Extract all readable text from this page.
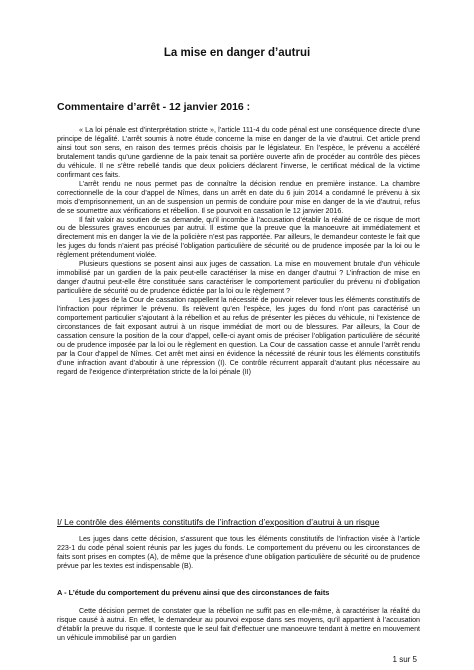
La mise en danger d’autrui
Commentaire d’arrêt - 12 janvier 2016 :

« La loi pénale est d’interprétation stricte », l’article 111-4 du code pénal est une conséquence directe d’une principe de légalité. L’arrêt soumis à notre étude concerne la mise en danger de la vie d’autrui. Cet article prend ainsi tout son sens, en raison des termes précis choisis par le législateur. En l’espèce, le prévenu a accéléré brutalement tandis qu’une gardienne de la paix tenait sa portière ouverte afin de procéder au contrôle des pièces du véhicule. Il ne s’être rebellé tandis que deux policiers déclarent l’inverse, le certificat médical de la victime confirmant ces faits.

L’arrêt rendu ne nous permet pas de connaître la décision rendue en première instance. La chambre correctionnelle de la cour d’appel de Nîmes, dans un arrêt en date du 6 juin 2014 a condamné le prévenu à six mois d’emprisonnement, un an de suspension un permis de conduire pour mise en danger de la vie d’autrui, refus de se soumettre aux vérifications et rébellion. Il se pourvoit en cassation le 12 janvier 2016.

Il fait valoir au soutien de sa demande, qu’il incombe à l’accusation d’établir la réalité de ce risque de mort ou de blessures graves encourues par autrui. Il estime que la preuve que la manoeuvre ait immédiatement et directement mis en danger la vie de la policière n’est pas rapportée. Par ailleurs, le demandeur conteste le fait que les juges du fonds n’aient pas précisé l’obligation particulière de sécurité ou de prudence imposée par la loi ou le règlement prétendument violée.

Plusieurs questions se posent ainsi aux juges de cassation. La mise en mouvement brutale d’un véhicule immobilisé par un gardien de la paix peut-elle caractériser la mise en danger d’autrui ? L’infraction de mise en danger d’autrui peut-elle être constituée sans caractériser le comportement particulier du prévenu ni d’obligation particulière de sécurité ou de prudence édictée par la loi ou le règlement ?

Les juges de la Cour de cassation rappellent la nécessité de pouvoir relever tous les éléments constitutifs de l’infraction pour réprimer le prévenu. Ils relèvent qu’en l’espèce, les juges du fond n’ont pas caractérisé un comportement particulier s’ajoutant à la rébellion et au refus de présenter les pièces du véhicule, ni l’existence de circonstances de fait exposant autrui à un risque immédiat de mort ou de blessures. Par ailleurs, la Cour de cassation censure la position de la cour d’appel, celle-ci ayant omis de préciser l’obligation particulière de sécurité ou de prudence imposée par la loi ou le règlement en question. La Cour de cassation casse et annule l’arrêt rendu par la Cour d’appel de Nîmes. Cet arrêt met ainsi en évidence la nécessité de réunir tous les éléments constitutifs d’une infraction avant d’aboutir à une répression (I). Ce contrôle récurrent apparaît d’autant plus nécessaire au regard de l’exigence d’interprétation stricte de la loi pénale (II)

I/ Le contrôle des éléments constitutifs de l’infraction d’exposition d’autrui à un risque

Les juges dans cette décision, s’assurent que tous les éléments constitutifs de l’infraction visée à l’article 223-1 du code pénal soient réunis par les juges du fonds. Le comportement du prévenu ou les circonstances de faits sont prises en comptes (A), de même que la présence d’une obligation particulière de sécurité ou de prudence prévue par les textes est indispensable (B).

A - L’étude du comportement du prévenu ainsi que des circonstances de faits

Cette décision permet de constater que la rébellion ne suffit pas en elle-même, à caractériser la réalité du risque causé à autrui. En effet, le demandeur au pourvoi expose dans ses moyens, qu’il appartient à l’accusation d’établir la preuve du risque. Il conteste que le seul fait d’effectuer une manoeuvre tendant à mettre en mouvement un véhicule immobilisé par un gardien

1 sur 5
